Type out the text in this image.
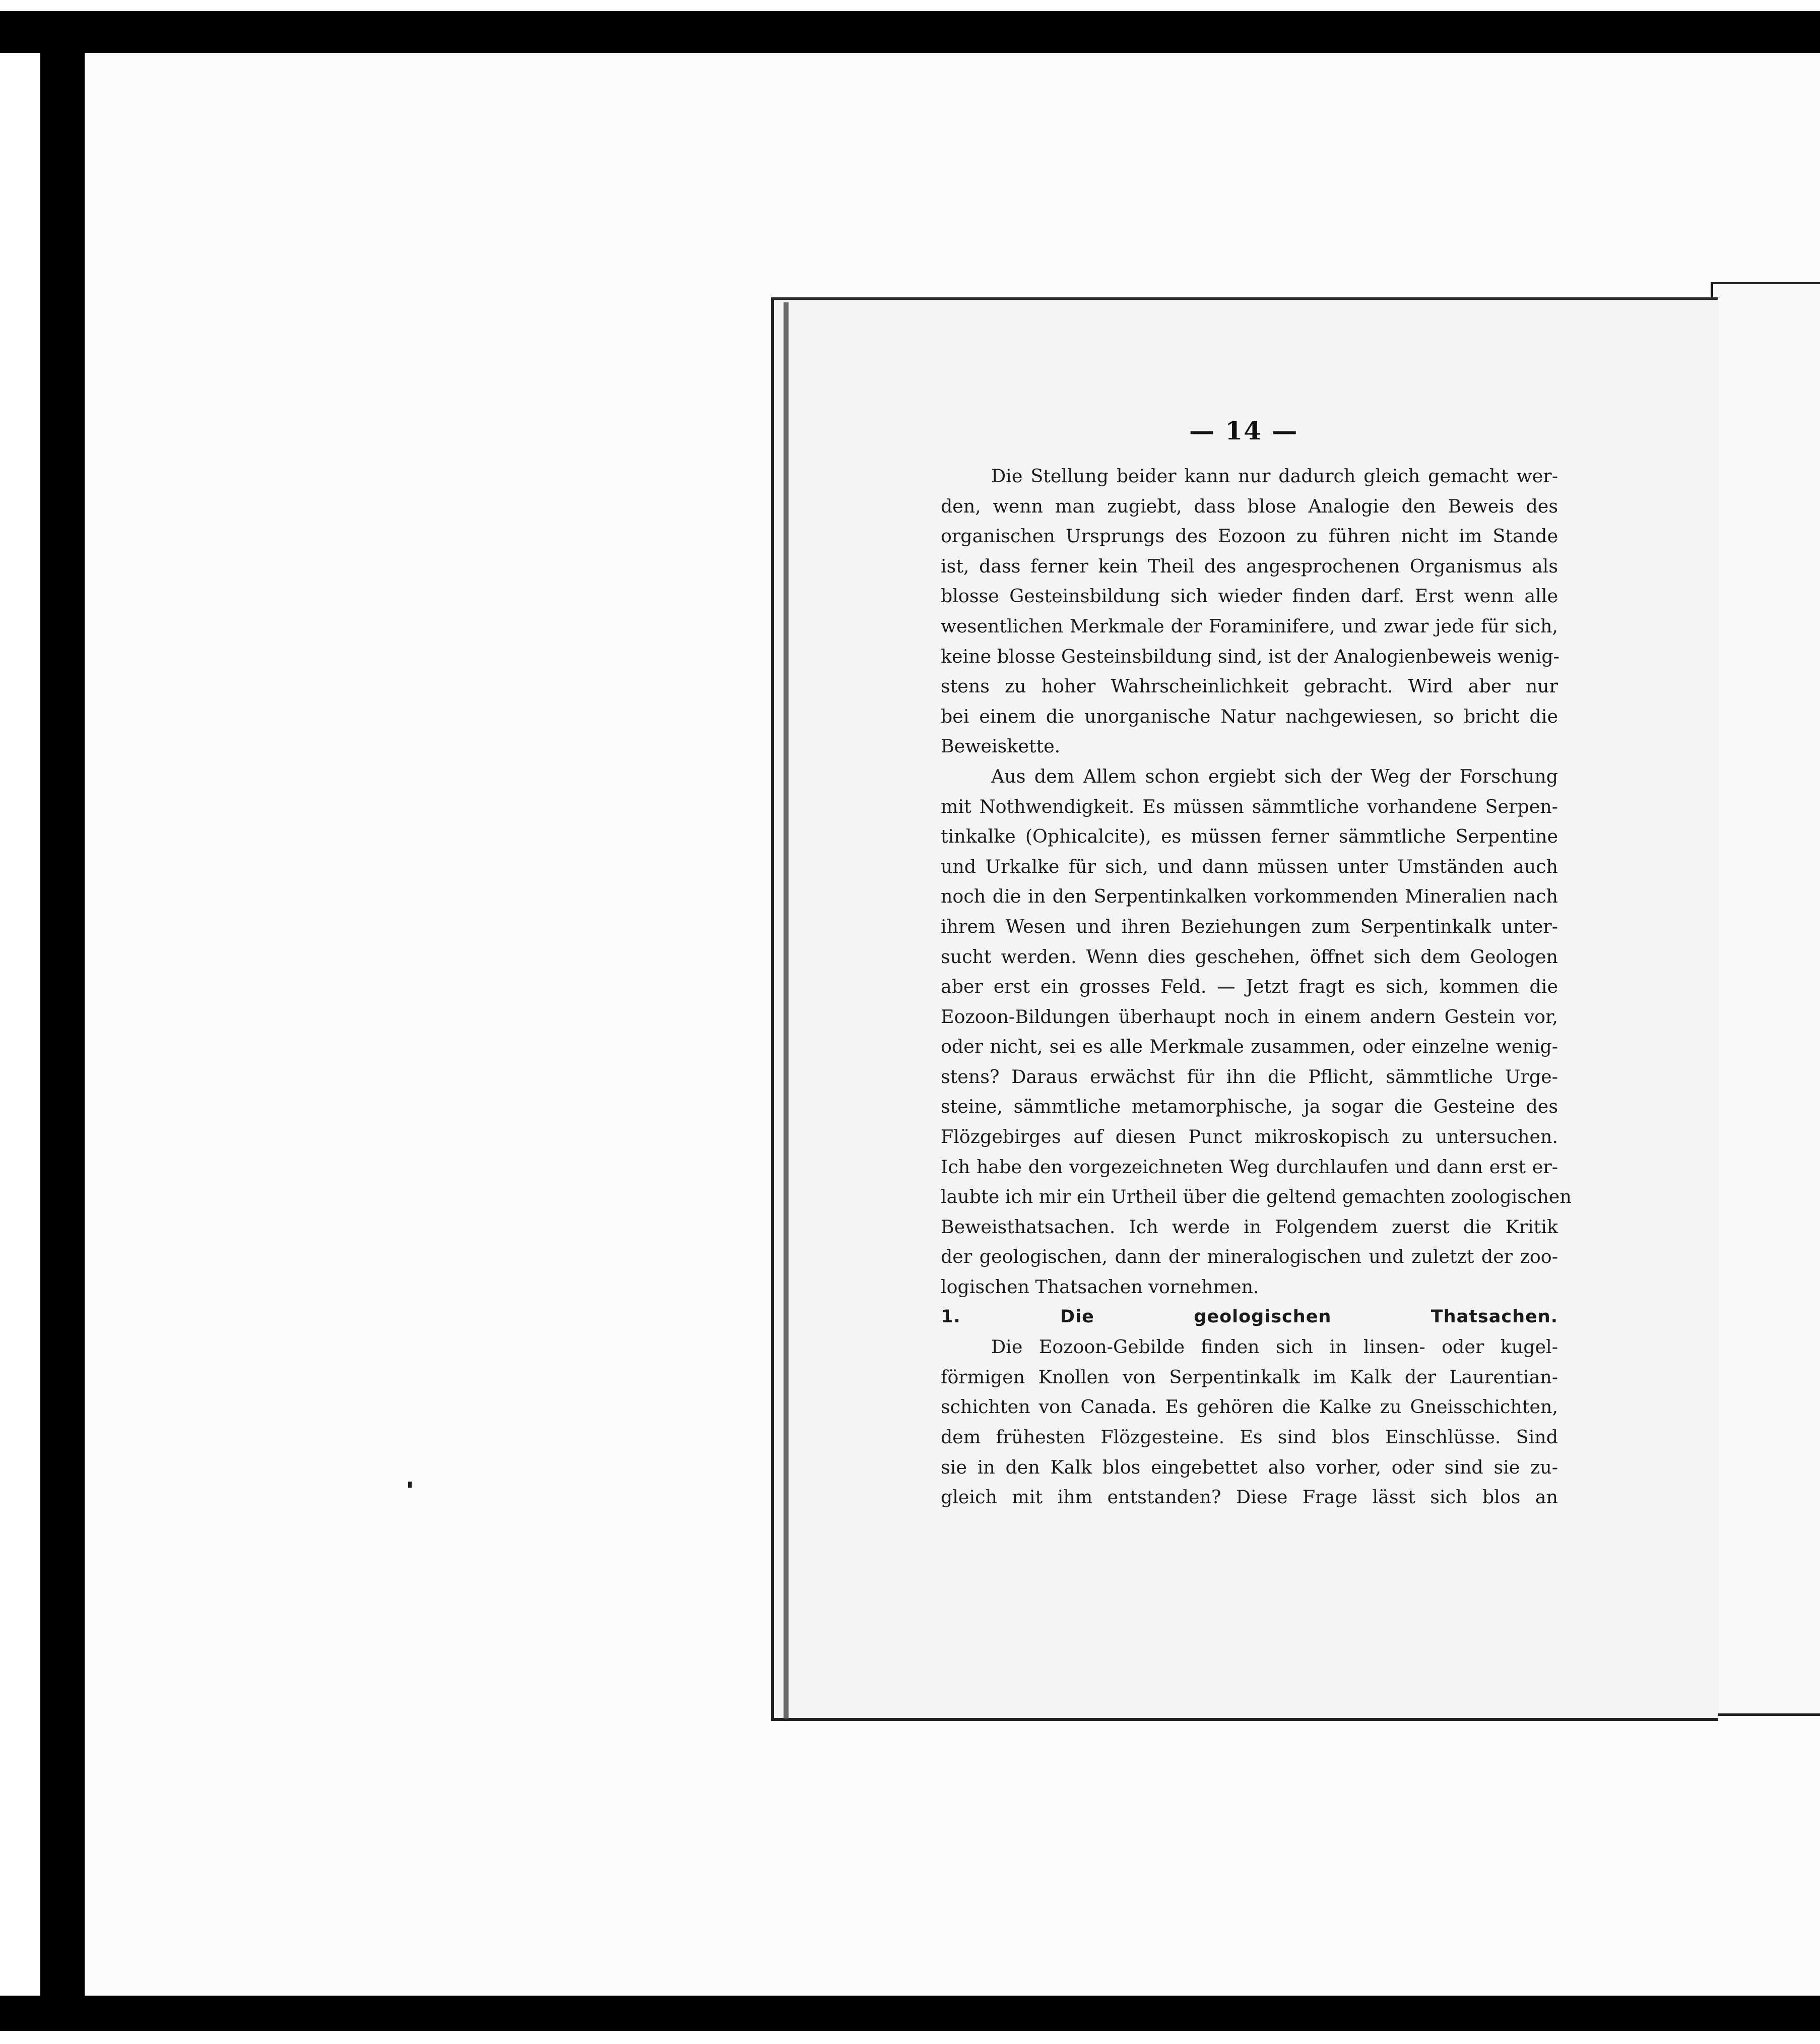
— 14 —

Die Stellung beider kann nur dadurch gleich gemacht wer-

den, wenn man zugiebt, dass blose Analogie den Beweis des

organischen Ursprungs des Eozoon zu führen nicht im Stande

ist, dass ferner kein Theil des angesprochenen Organismus als

blosse Gesteinsbildung sich wieder finden darf. Erst wenn alle

wesentlichen Merkmale der Foraminifere, und zwar jede für sich,

keine blosse Gesteinsbildung sind, ist der Analogienbeweis wenig-

stens zu hoher Wahrscheinlichkeit gebracht. Wird aber nur

bei einem die unorganische Natur nachgewiesen, so bricht die

Beweiskette.

Aus dem Allem schon ergiebt sich der Weg der Forschung

mit Nothwendigkeit. Es müssen sämmtliche vorhandene Serpen-

tinkalke (Ophicalcite), es müssen ferner sämmtliche Serpentine

und Urkalke für sich, und dann müssen unter Umständen auch

noch die in den Serpentinkalken vorkommenden Mineralien nach

ihrem Wesen und ihren Beziehungen zum Serpentinkalk unter-

sucht werden. Wenn dies geschehen, öffnet sich dem Geologen

aber erst ein grosses Feld. — Jetzt fragt es sich, kommen die

Eozoon-Bildungen überhaupt noch in einem andern Gestein vor,

oder nicht, sei es alle Merkmale zusammen, oder einzelne wenig-

stens? Daraus erwächst für ihn die Pflicht, sämmtliche Urge-

steine, sämmtliche metamorphische, ja sogar die Gesteine des

Flözgebirges auf diesen Punct mikroskopisch zu untersuchen.

Ich habe den vorgezeichneten Weg durchlaufen und dann erst er-

laubte ich mir ein Urtheil über die geltend gemachten zoologischen

Beweisthatsachen. Ich werde in Folgendem zuerst die Kritik

der geologischen, dann der mineralogischen und zuletzt der zoo-

logischen Thatsachen vornehmen.

1. Die geologischen Thatsachen.

Die Eozoon-Gebilde finden sich in linsen- oder kugel-

förmigen Knollen von Serpentinkalk im Kalk der Laurentian-

schichten von Canada. Es gehören die Kalke zu Gneisschichten,

dem frühesten Flözgesteine. Es sind blos Einschlüsse. Sind

sie in den Kalk blos eingebettet also vorher, oder sind sie zu-

gleich mit ihm entstanden? Diese Frage lässt sich blos an
